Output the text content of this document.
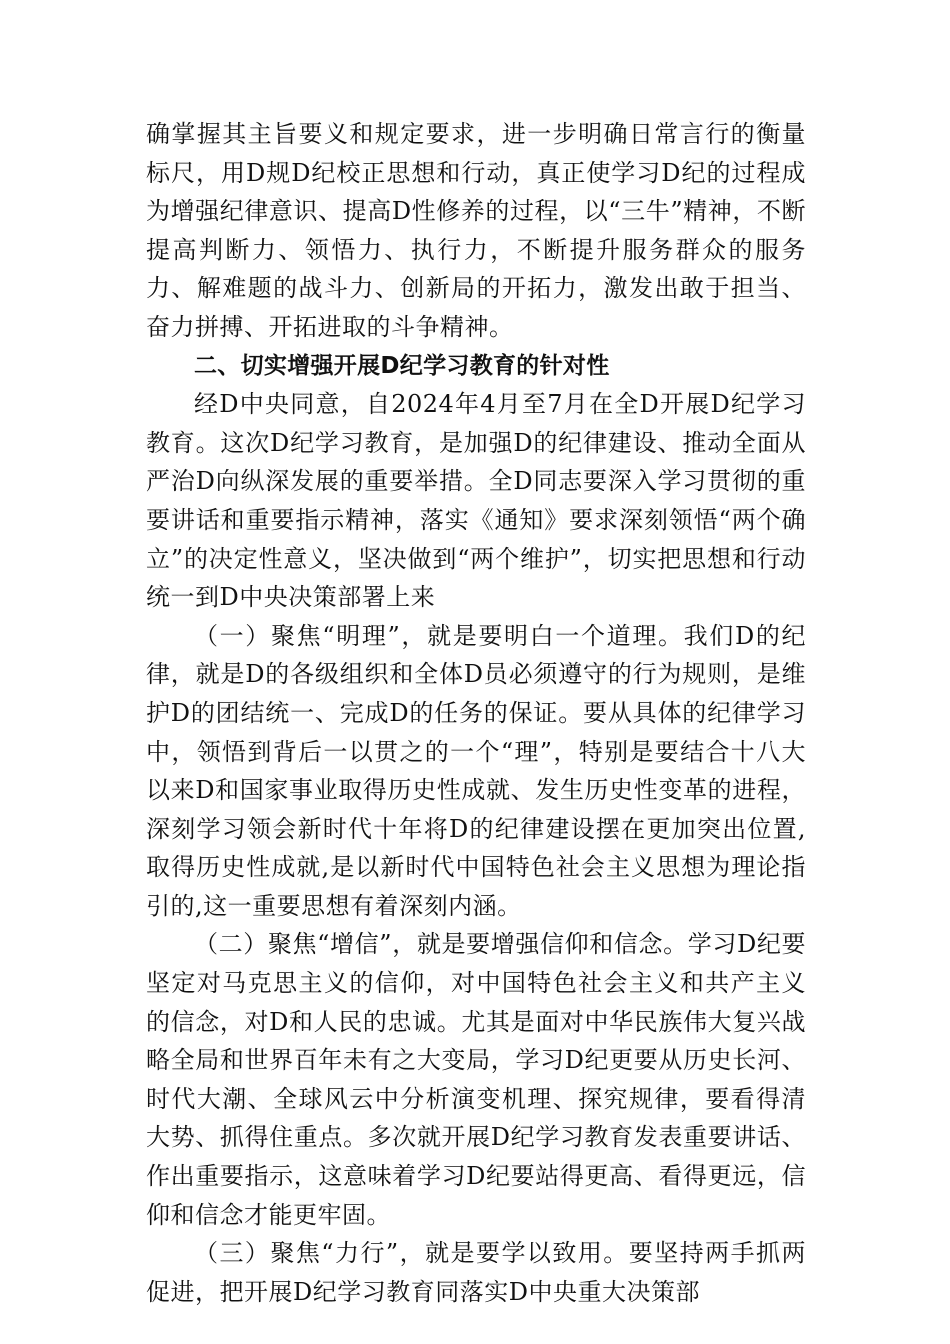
确掌握其主旨要义和规定要求，进一步明确日常言行的衡量标尺，用D规D纪校正思想和行动，真正使学习D纪的过程成为增强纪律意识、提高D性修养的过程，以“三牛”精神，不断提高判断力、领悟力、执行力，不断提升服务群众的服务力、解难题的战斗力、创新局的开拓力，激发出敢于担当、奋力拼搏、开拓进取的斗争精神。

二、切实增强开展D纪学习教育的针对性

经D中央同意，自2024年4月至7月在全D开展D纪学习教育。这次D纪学习教育，是加强D的纪律建设、推动全面从严治D向纵深发展的重要举措。全D同志要深入学习贯彻的重要讲话和重要指示精神，落实《通知》要求深刻领悟“两个确立”的决定性意义，坚决做到“两个维护”，切实把思想和行动统一到D中央决策部署上来

（一）聚焦“明理”，就是要明白一个道理。我们D的纪律，就是D的各级组织和全体D员必须遵守的行为规则，是维护D的团结统一、完成D的任务的保证。要从具体的纪律学习中，领悟到背后一以贯之的一个“理”，特别是要结合十八大以来D和国家事业取得历史性成就、发生历史性变革的进程，深刻学习领会新时代十年将D的纪律建设摆在更加突出位置,取得历史性成就,是以新时代中国特色社会主义思想为理论指引的,这一重要思想有着深刻内涵。

（二）聚焦“增信”，就是要增强信仰和信念。学习D纪要坚定对马克思主义的信仰，对中国特色社会主义和共产主义的信念，对D和人民的忠诚。尤其是面对中华民族伟大复兴战略全局和世界百年未有之大变局，学习D纪更要从历史长河、时代大潮、全球风云中分析演变机理、探究规律，要看得清大势、抓得住重点。多次就开展D纪学习教育发表重要讲话、作出重要指示，这意味着学习D纪要站得更高、看得更远，信仰和信念才能更牢固。

（三）聚焦“力行”，就是要学以致用。要坚持两手抓两促进，把开展D纪学习教育同落实D中央重大决策部
